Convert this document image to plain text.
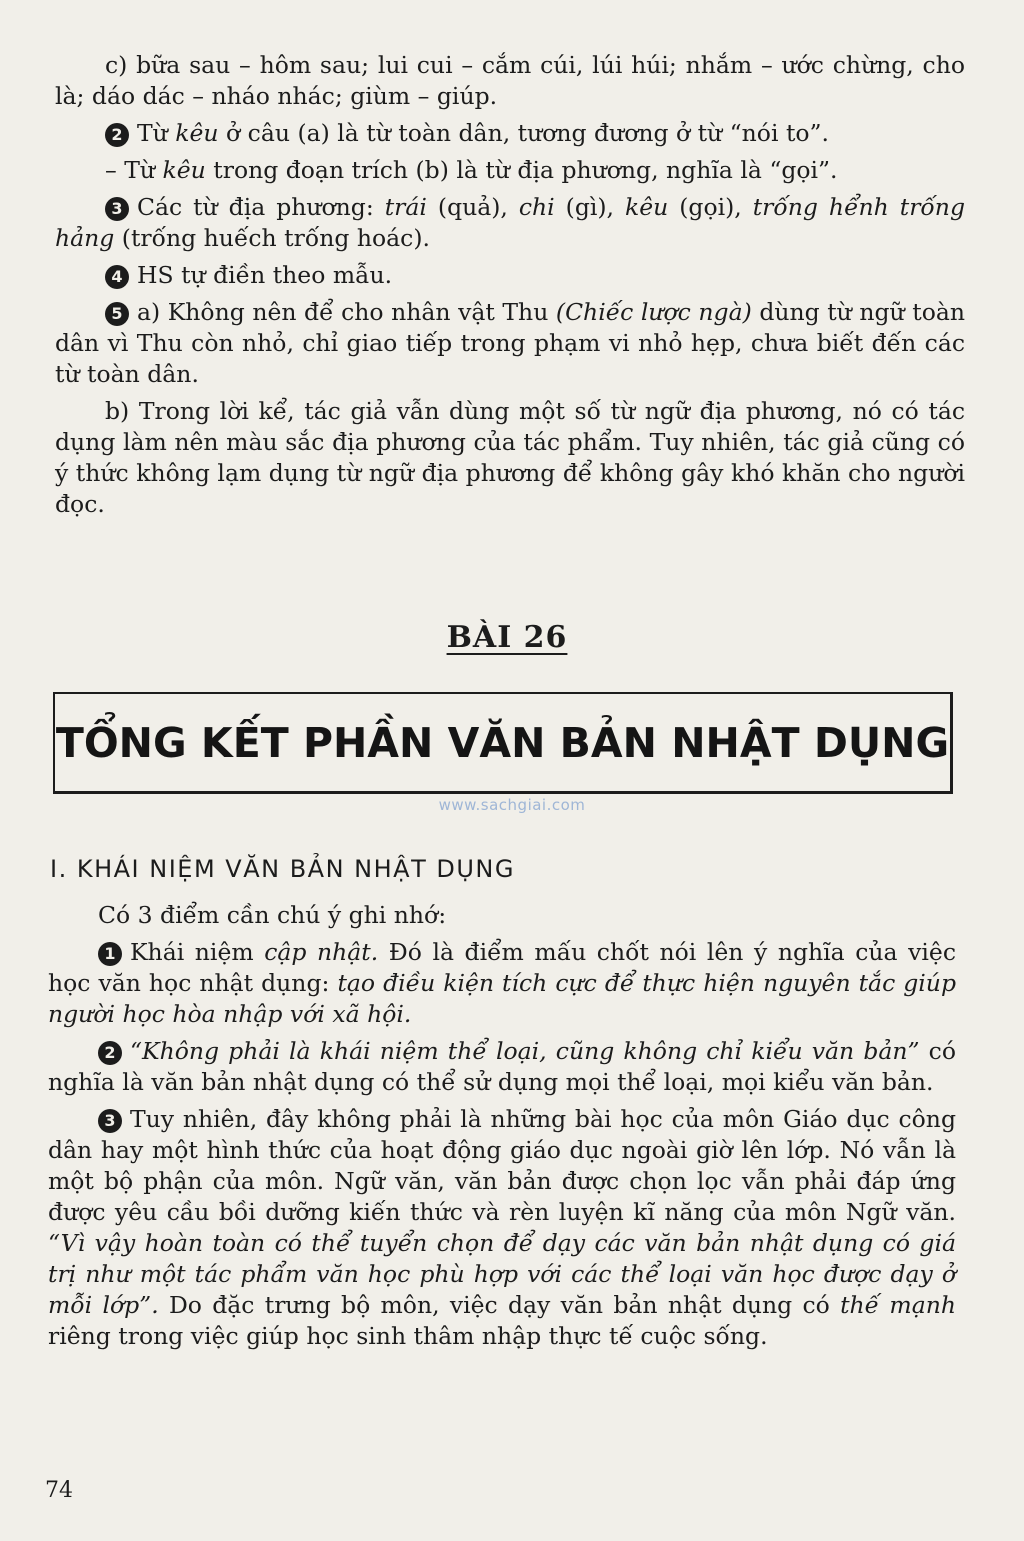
c) bữa sau – hôm sau; lui cui – cắm cúi, lúi húi; nhắm – ước chừng, cho là; dáo dác – nháo nhác; giùm – giúp.

2 Từ kêu ở câu (a) là từ toàn dân, tương đương ở từ “nói to”.

– Từ kêu trong đoạn trích (b) là từ địa phương, nghĩa là “gọi”.

3 Các từ địa phương: trái (quả), chi (gì), kêu (gọi), trống hểnh trống hảng (trống huếch trống hoác).

4 HS tự điền theo mẫu.

5 a) Không nên để cho nhân vật Thu (Chiếc lược ngà) dùng từ ngữ toàn dân vì Thu còn nhỏ, chỉ giao tiếp trong phạm vi nhỏ hẹp, chưa biết đến các từ toàn dân.

b) Trong lời kể, tác giả vẫn dùng một số từ ngữ địa phương, nó có tác dụng làm nên màu sắc địa phương của tác phẩm. Tuy nhiên, tác giả cũng có ý thức không lạm dụng từ ngữ địa phương để không gây khó khăn cho người đọc.

BÀI 26
TỔNG KẾT PHẦN VĂN BẢN NHẬT DỤNG
www.sachgiai.com
I. KHÁI NIỆM VĂN BẢN NHẬT DỤNG

Có 3 điểm cần chú ý ghi nhớ:

1 Khái niệm cập nhật. Đó là điểm mấu chốt nói lên ý nghĩa của việc học văn học nhật dụng: tạo điều kiện tích cực để thực hiện nguyên tắc giúp người học hòa nhập với xã hội.

2 “Không phải là khái niệm thể loại, cũng không chỉ kiểu văn bản” có nghĩa là văn bản nhật dụng có thể sử dụng mọi thể loại, mọi kiểu văn bản.

3 Tuy nhiên, đây không phải là những bài học của môn Giáo dục công dân hay một hình thức của hoạt động giáo dục ngoài giờ lên lớp. Nó vẫn là một bộ phận của môn. Ngữ văn, văn bản được chọn lọc vẫn phải đáp ứng được yêu cầu bồi dưỡng kiến thức và rèn luyện kĩ năng của môn Ngữ văn. “Vì vậy hoàn toàn có thể tuyển chọn để dạy các văn bản nhật dụng có giá trị như một tác phẩm văn học phù hợp với các thể loại văn học được dạy ở mỗi lớp”. Do đặc trưng bộ môn, việc dạy văn bản nhật dụng có thế mạnh riêng trong việc giúp học sinh thâm nhập thực tế cuộc sống.

74
